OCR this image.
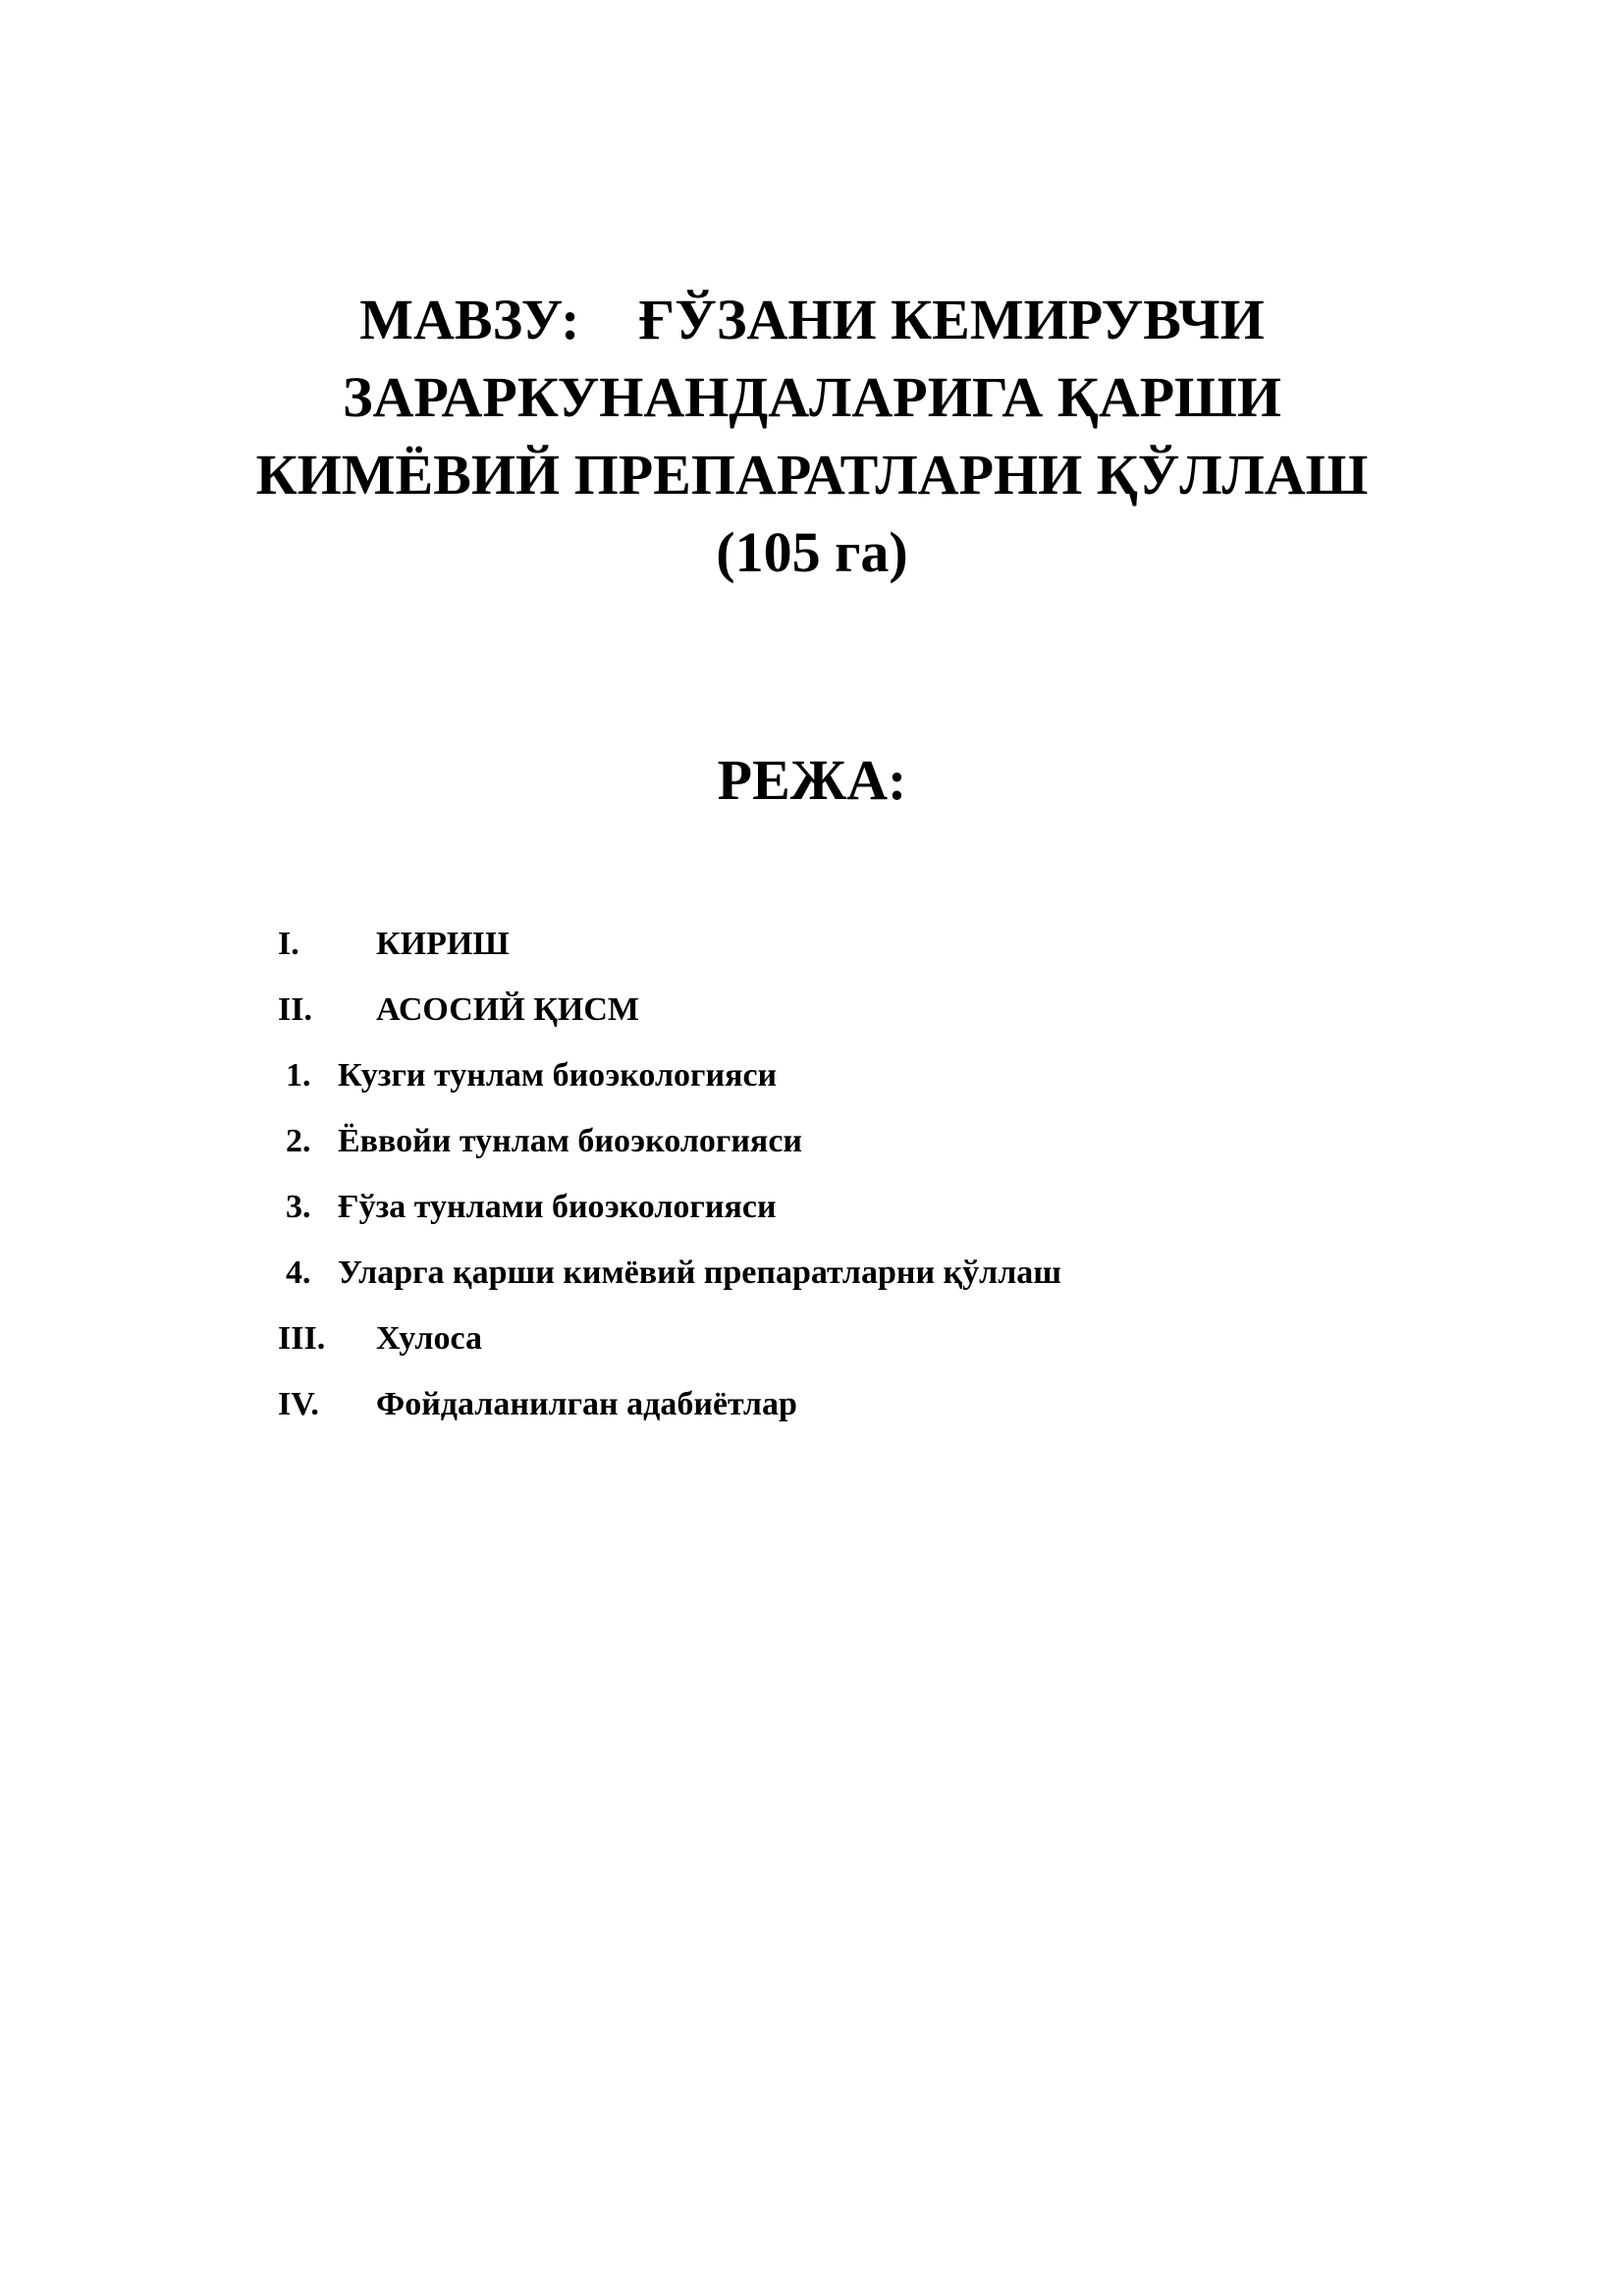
МАВЗУ: ҒЎЗАНИ КЕМИРУВЧИ
ЗАРАРКУНАНДАЛАРИГА ҚАРШИ
КИМЁВИЙ ПРЕПАРАТЛАРНИ ҚЎЛЛАШ
(105 га)
РЕЖА:
I. КИРИШ
II. АСОСИЙ ҚИСМ
1. Кузги тунлам биоэкологияси
2. Ёввойи тунлам биоэкологияси
3. Ғўза тунлами биоэкологияси
4. Уларга қарши кимёвий препаратларни қўллаш
III. Хулоса
IV. Фойдаланилган адабиётлар
